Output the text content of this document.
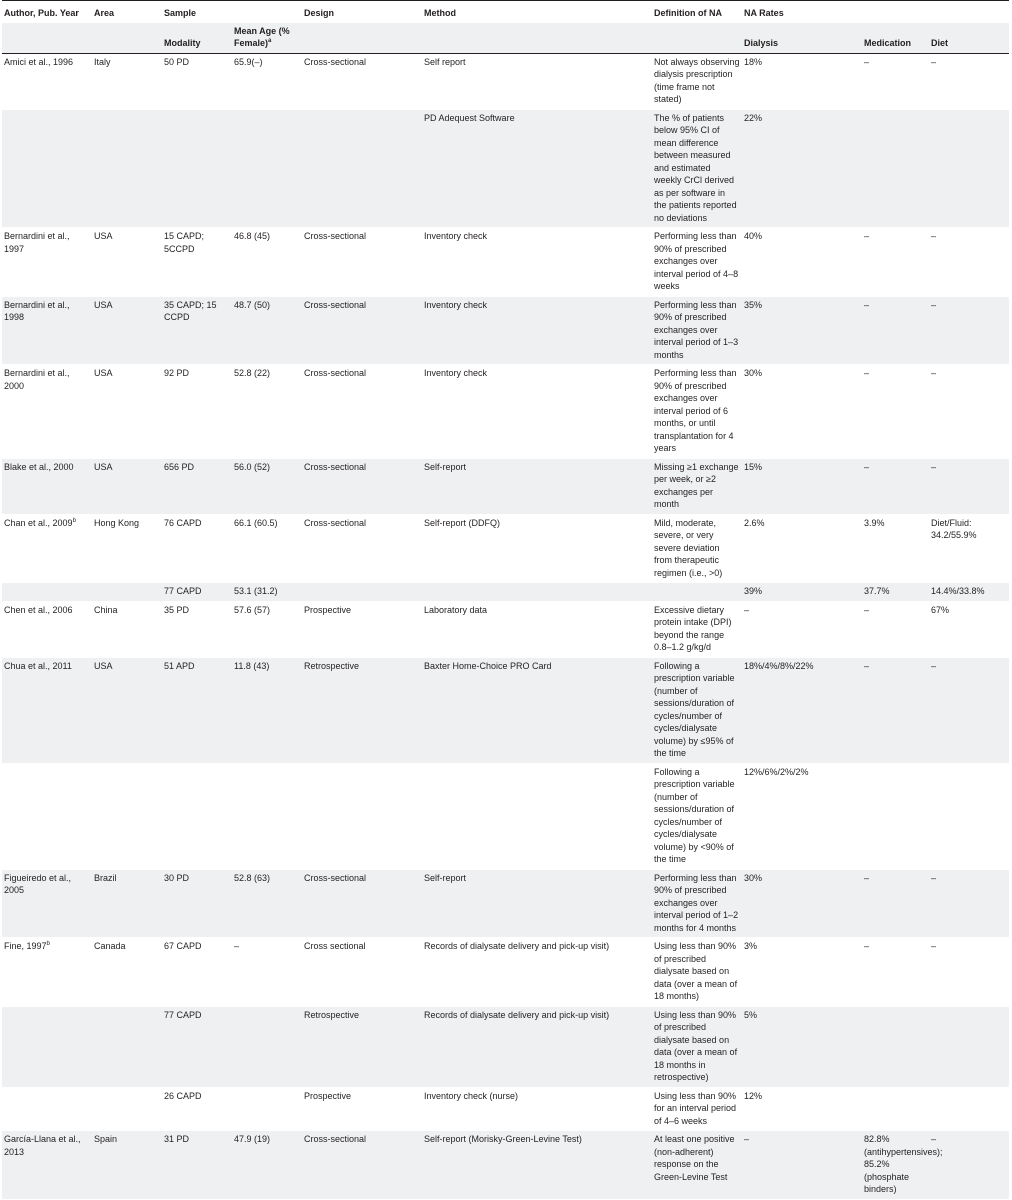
Author, Pub. Year	Area	Sample		Design	Method	Definition of NA	NA Rates		
		Modality	Mean Age (% Female)$^a$				Dialysis	Medication	Diet
Amici et al., 1996	Italy	50 PD	65.9(–)	Cross-sectional	Self report	Not always observing dialysis prescription (time frame not stated)	18%	–	–
					PD Adequest Software	The % of patients below 95% CI of mean difference between measured and estimated weekly CrCl derived as per software in the patients reported no deviations	22%		
Bernardini et al., 1997	USA	15 CAPD; 5CCPD	46.8 (45)	Cross-sectional	Inventory check	Performing less than 90% of prescribed exchanges over interval period of 4–8 weeks	40%	–	–
Bernardini et al., 1998	USA	35 CAPD; 15 CCPD	48.7 (50)	Cross-sectional	Inventory check	Performing less than 90% of prescribed exchanges over interval period of 1–3 months	35%	–	–
Bernardini et al., 2000	USA	92 PD	52.8 (22)	Cross-sectional	Inventory check	Performing less than 90% of prescribed exchanges over interval period of 6 months, or until transplantation for 4 years	30%	–	–
Blake et al., 2000	USA	656 PD	56.0 (52)	Cross-sectional	Self-report	Missing ≥1 exchange per week, or ≥2 exchanges per month	15%	–	–
Chan et al., 2009$^b$	Hong Kong	76 CAPD	66.1 (60.5)	Cross-sectional	Self-report (DDFQ)	Mild, moderate, severe, or very severe deviation from therapeutic regimen (i.e., >0)	2.6%	3.9%	Diet/Fluid: 34.2/55.9%
		77 CAPD	53.1 (31.2)				39%	37.7%	14.4%/33.8%
Chen et al., 2006	China	35 PD	57.6 (57)	Prospective	Laboratory data	Excessive dietary protein intake (DPI) beyond the range 0.8–1.2 g/kg/d	–	–	67%
Chua et al., 2011	USA	51 APD	11.8 (43)	Retrospective	Baxter Home-Choice PRO Card	Following a prescription variable (number of sessions/duration of cycles/number of cycles/dialysate volume) by ≤95% of the time	18%/4%/8%/22%	–	–
						Following a prescription variable (number of sessions/duration of cycles/number of cycles/dialysate volume) by <90% of the time	12%/6%/2%/2%		
Figueiredo et al., 2005	Brazil	30 PD	52.8 (63)	Cross-sectional	Self-report	Performing less than 90% of prescribed exchanges over interval period of 1–2 months for 4 months	30%	–	–
Fine, 1997$^b$	Canada	67 CAPD	–	Cross sectional	Records of dialysate delivery and pick-up visit)	Using less than 90% of prescribed dialysate based on data (over a mean of 18 months)	3%	–	–
		77 CAPD		Retrospective	Records of dialysate delivery and pick-up visit)	Using less than 90% of prescribed dialysate based on data (over a mean of 18 months in retrospective)	5%		
		26 CAPD		Prospective	Inventory check (nurse)	Using less than 90% for an interval period of 4–6 weeks	12%		
García-Llana et al., 2013	Spain	31 PD	47.9 (19)	Cross-sectional	Self-report (Morisky-Green-Levine Test)	At least one positive (non-adherent) response on the Green-Levine Test	–	82.8% (antihypertensives); 85.2% (phosphate binders)	–
